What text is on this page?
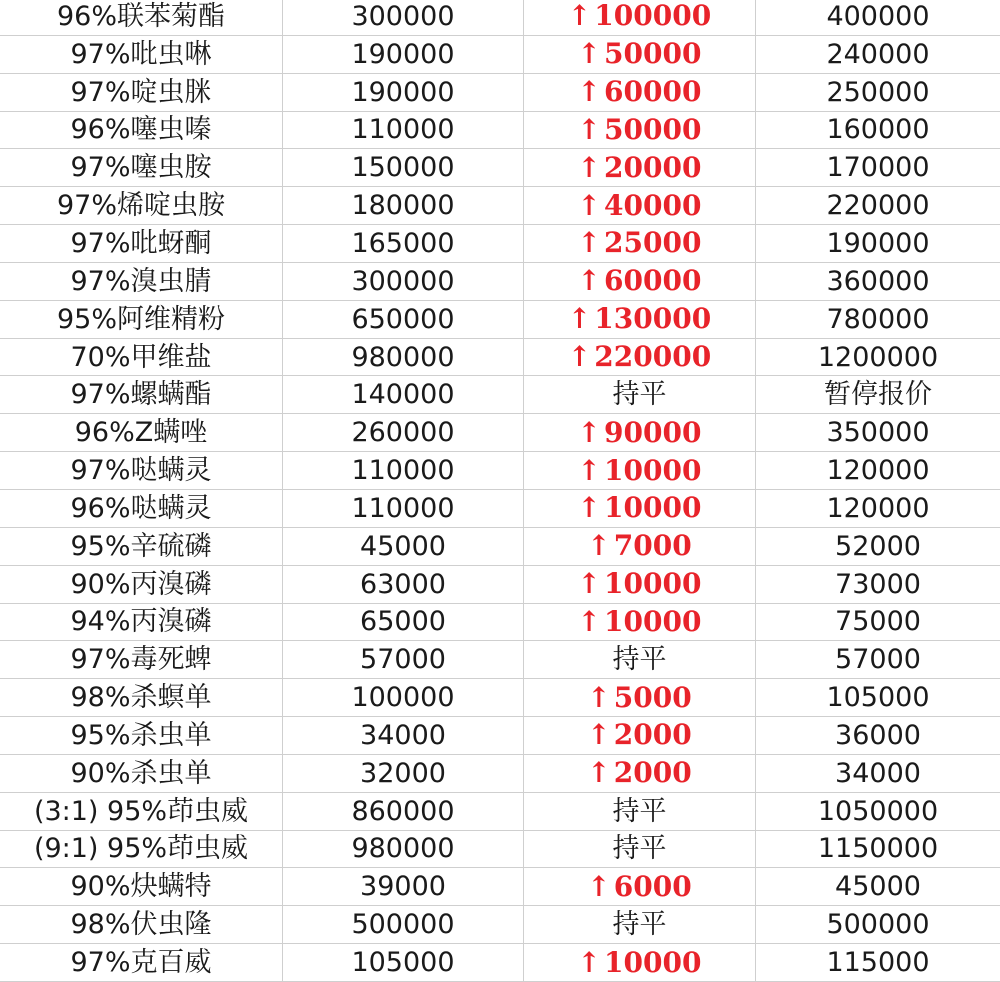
96%联苯菊酯	300000	↑ 100000	400000
97%吡虫啉	190000	↑ 50000	240000
97%啶虫脒	190000	↑ 60000	250000
96%噻虫嗪	110000	↑ 50000	160000
97%噻虫胺	150000	↑ 20000	170000
97%烯啶虫胺	180000	↑ 40000	220000
97%吡蚜酮	165000	↑ 25000	190000
97%溴虫腈	300000	↑ 60000	360000
95%阿维精粉	650000	↑ 130000	780000
70%甲维盐	980000	↑ 220000	1200000
97%螺螨酯	140000	持平	暂停报价
96%Z螨唑	260000	↑ 90000	350000
97%哒螨灵	110000	↑ 10000	120000
96%哒螨灵	110000	↑ 10000	120000
95%辛硫磷	45000	↑ 7000	52000
90%丙溴磷	63000	↑ 10000	73000
94%丙溴磷	65000	↑ 10000	75000
97%毒死蜱	57000	持平	57000
98%杀螟单	100000	↑ 5000	105000
95%杀虫单	34000	↑ 2000	36000
90%杀虫单	32000	↑ 2000	34000
(3:1) 95%茚虫威	860000	持平	1050000
(9:1) 95%茚虫威	980000	持平	1150000
90%炔螨特	39000	↑ 6000	45000
98%伏虫隆	500000	持平	500000
97%克百威	105000	↑ 10000	115000
